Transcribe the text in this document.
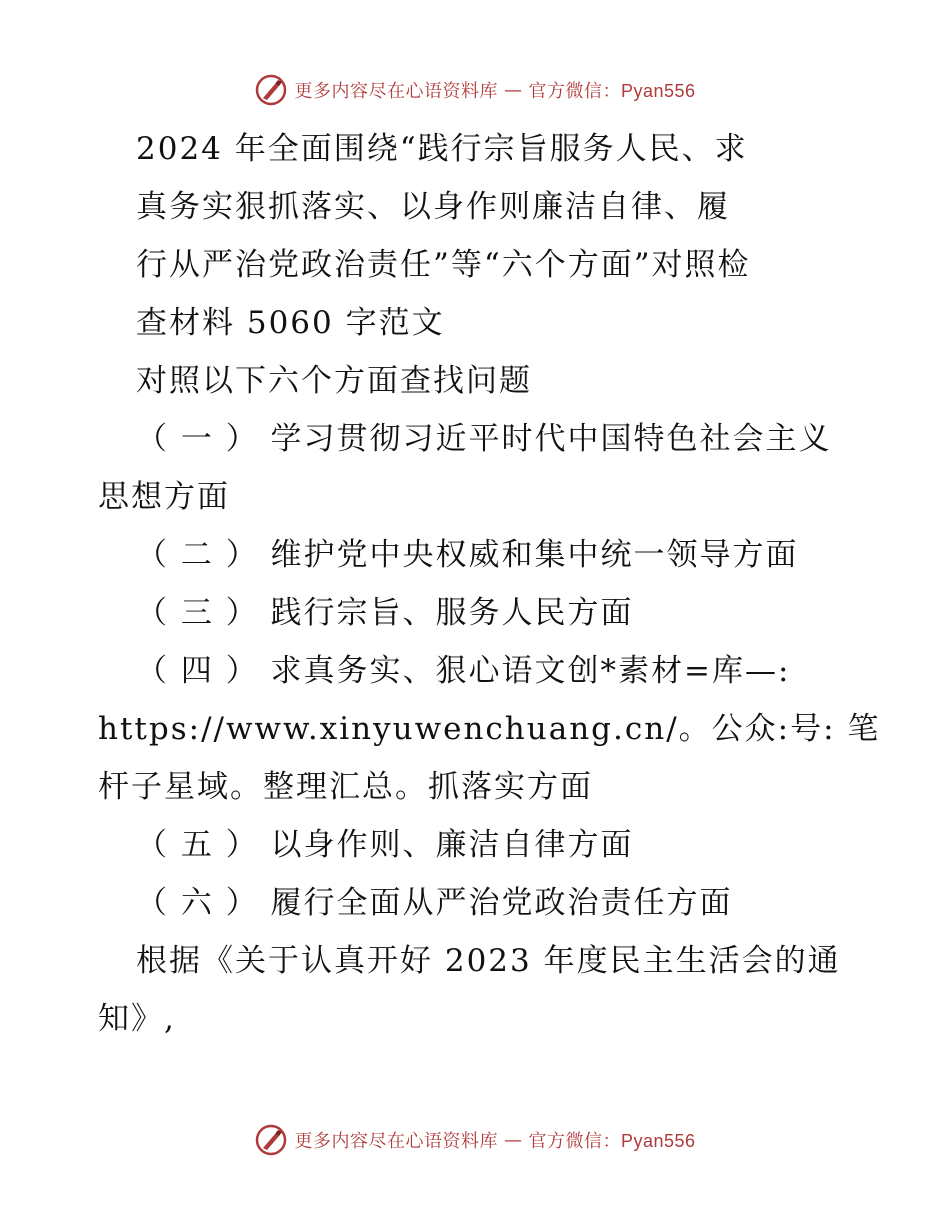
更多内容尽在心语资料库 — 官方微信：Pyan556
2024 年全面围绕“践行宗旨服务人民、求
真务实狠抓落实、以身作则廉洁自律、履
行从严治党政治责任”等“六个方面”对照检
查材料 5060 字范文
对照以下六个方面查找问题
（ 一 ） 学习贯彻习近平时代中国特色社会主义
思想方面
（ 二 ） 维护党中央权威和集中统一领导方面
（ 三 ） 践行宗旨、服务人民方面
（ 四 ） 求真务实、狠心语文创*素材=库—:
https://www.xinyuwenchuang.cn/。公众:号: 笔
杆子星域。整理汇总。抓落实方面
（ 五 ） 以身作则、廉洁自律方面
（ 六 ） 履行全面从严治党政治责任方面
根据《关于认真开好 2023 年度民主生活会的通
知》,
更多内容尽在心语资料库 — 官方微信：Pyan556
